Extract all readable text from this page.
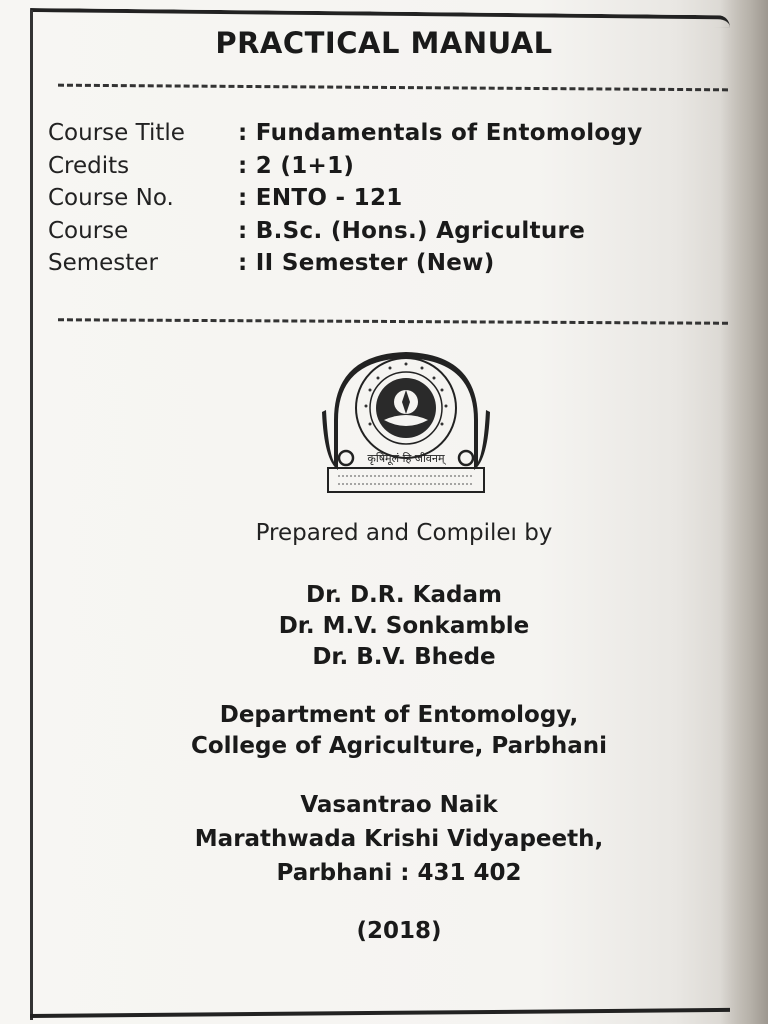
PRACTICAL MANUAL
Course Title : Fundamentals of Entomology
Credits	: 2 (1+1)
Course No.	: ENTO - 121
Course	: B.Sc. (Hons.) Agriculture
Semester	: II Semester (New)
कृषिमूलं हि जीवनम्
Prepared and Compileı by
Dr. D.R. Kadam
Dr. M.V. Sonkamble
Dr. B.V. Bhede
Department of Entomology,
College of Agriculture, Parbhani
Vasantrao Naik
Marathwada Krishi Vidyapeeth,
Parbhani : 431 402
(2018)
